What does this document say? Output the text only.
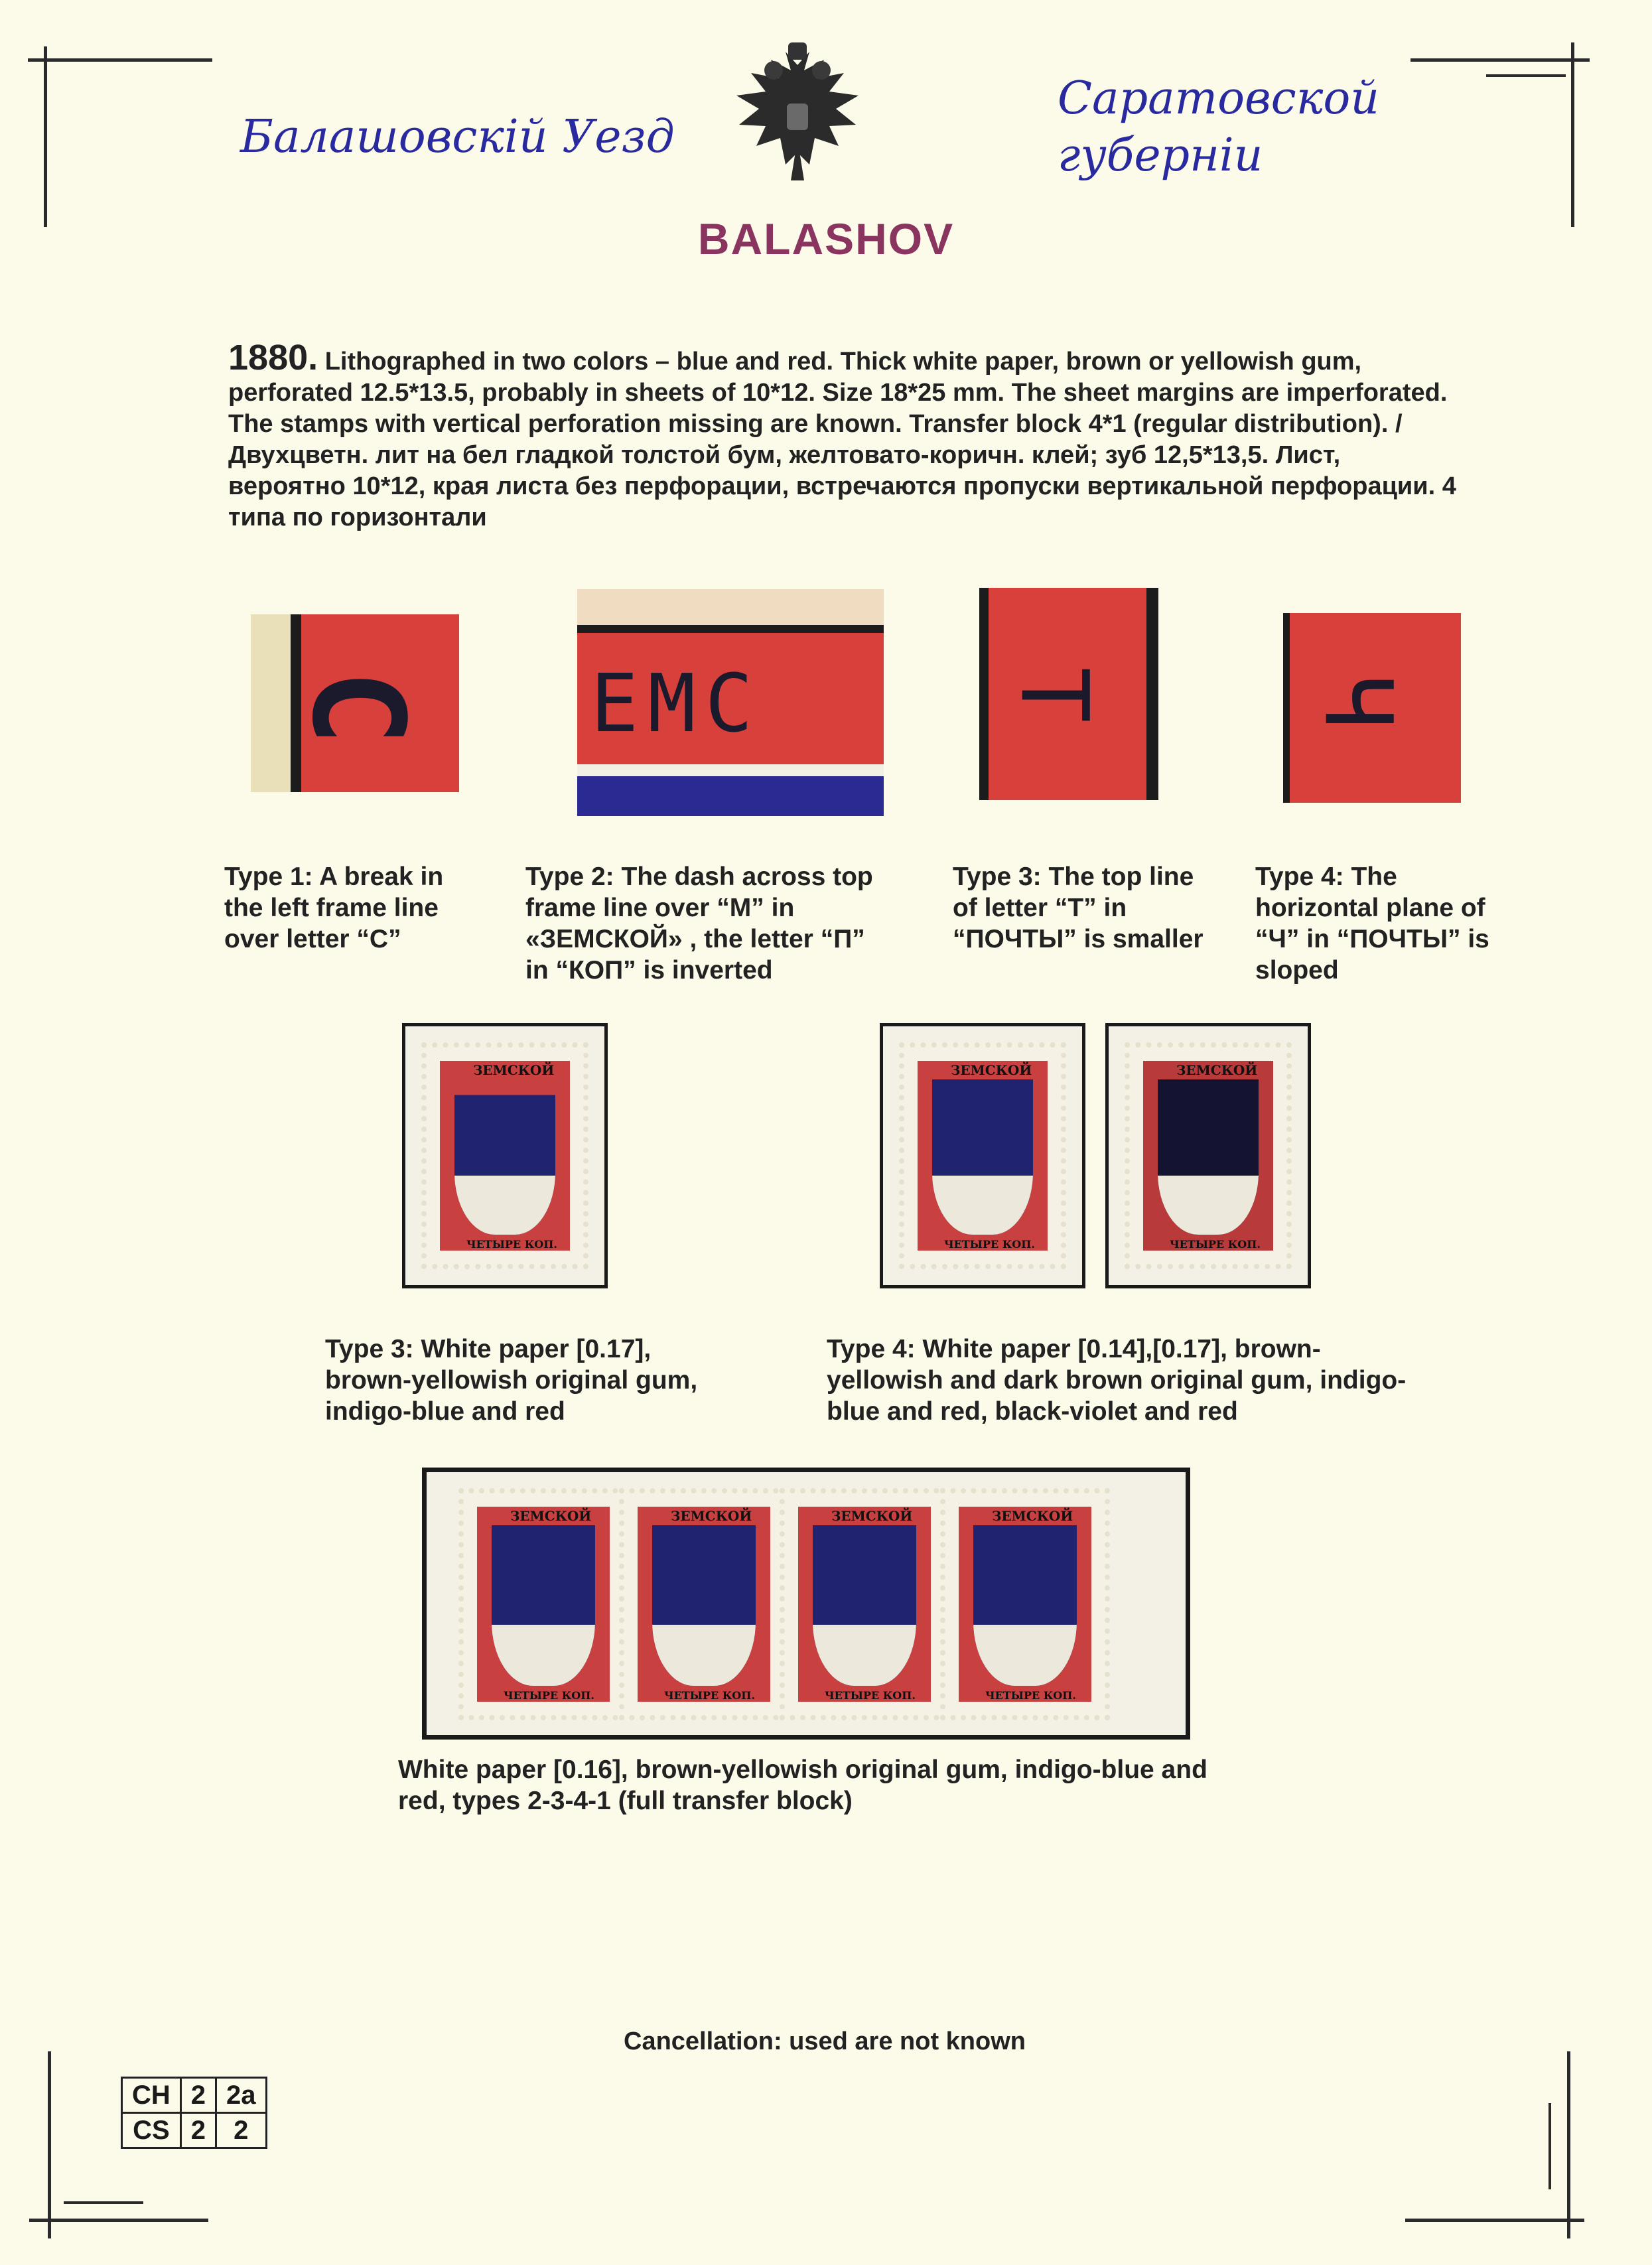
Балашовскій Уезд
Саратовской
губерніи
BALASHOV
1880. Lithographed in two colors – blue and red. Thick white paper, brown or yellowish gum, perforated 12.5*13.5, probably in sheets of 10*12. Size 18*25 mm. The sheet margins are imperforated. The stamps with vertical perforation missing are known. Transfer block 4*1 (regular distribution). / Двухцветн. лит на бел гладкой толстой бум, желтовато-коричн. клей; зуб 12,5*13,5. Лист, вероятно 10*12, края листа без перфорации, встречаются пропуски вертикальной перфорации. 4 типа по горизонтали
C ЕМС	Т Ч
Type 1: A break in the left frame line over letter “С”
Type 2: The dash across top frame line over “М” in «ЗЕМСКОЙ» , the letter “П” in “КОП” is inverted
Type 3: The top line of letter “Т” in “ПОЧТЫ” is smaller
Type 4: The horizontal plane of “Ч” in “ПОЧТЫ” is sloped
ЗЕМСКОЙ
ЧЕТЫРЕ КОП.
ЗЕМСКОЙ
ЧЕТЫРЕ КОП.
ЗЕМСКОЙ
ЧЕТЫРЕ КОП.
Type 3: White paper [0.17], brown-yellowish original gum, indigo-blue and red
Type 4: White paper [0.14],[0.17], brown-yellowish and dark brown original gum, indigo-blue and red, black-violet and red
ЗЕМСКОЙ
ЧЕТЫРЕ КОП.
ЗЕМСКОЙ
ЧЕТЫРЕ КОП.
ЗЕМСКОЙ
ЧЕТЫРЕ КОП.
ЗЕМСКОЙ
ЧЕТЫРЕ КОП.
White paper [0.16], brown-yellowish original gum, indigo-blue and red, types 2-3-4-1 (full transfer block)
Cancellation: used are not known
CH	2	2a
CS	2	2
